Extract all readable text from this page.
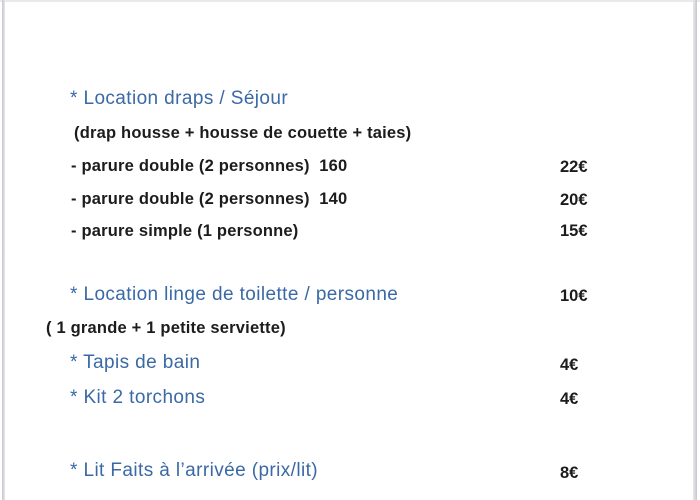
* Location draps / Séjour
(drap housse + housse de couette + taies)
- parure double (2 personnes)  160	22€
- parure double (2 personnes)  140	20€
- parure simple (1 personne)	15€
* Location linge de toilette / personne	10€
( 1 grande + 1 petite serviette)
* Tapis de bain	4€
* Kit 2 torchons	4€
* Lit Faits à l’arrivée (prix/lit)	8€
